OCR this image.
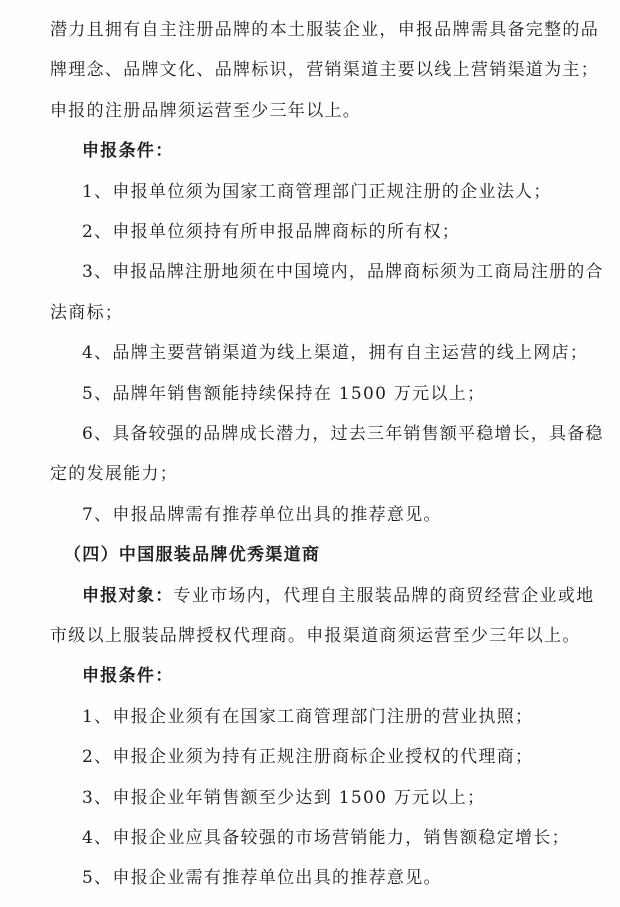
潜力且拥有自主注册品牌的本土服装企业，申报品牌需具备完整的品
牌理念、品牌文化、品牌标识，营销渠道主要以线上营销渠道为主；
申报的注册品牌须运营至少三年以上。
申报条件：
1、申报单位须为国家工商管理部门正规注册的企业法人；
2、申报单位须持有所申报品牌商标的所有权；
3、申报品牌注册地须在中国境内，品牌商标须为工商局注册的合
法商标；
4、品牌主要营销渠道为线上渠道，拥有自主运营的线上网店；
5、品牌年销售额能持续保持在 1500 万元以上；
6、具备较强的品牌成长潜力，过去三年销售额平稳增长，具备稳
定的发展能力；
7、申报品牌需有推荐单位出具的推荐意见。
（四）中国服装品牌优秀渠道商
申报对象：专业市场内，代理自主服装品牌的商贸经营企业或地
市级以上服装品牌授权代理商。申报渠道商须运营至少三年以上。
申报条件：
1、申报企业须有在国家工商管理部门注册的营业执照；
2、申报企业须为持有正规注册商标企业授权的代理商；
3、申报企业年销售额至少达到 1500 万元以上；
4、申报企业应具备较强的市场营销能力，销售额稳定增长；
5、申报企业需有推荐单位出具的推荐意见。
